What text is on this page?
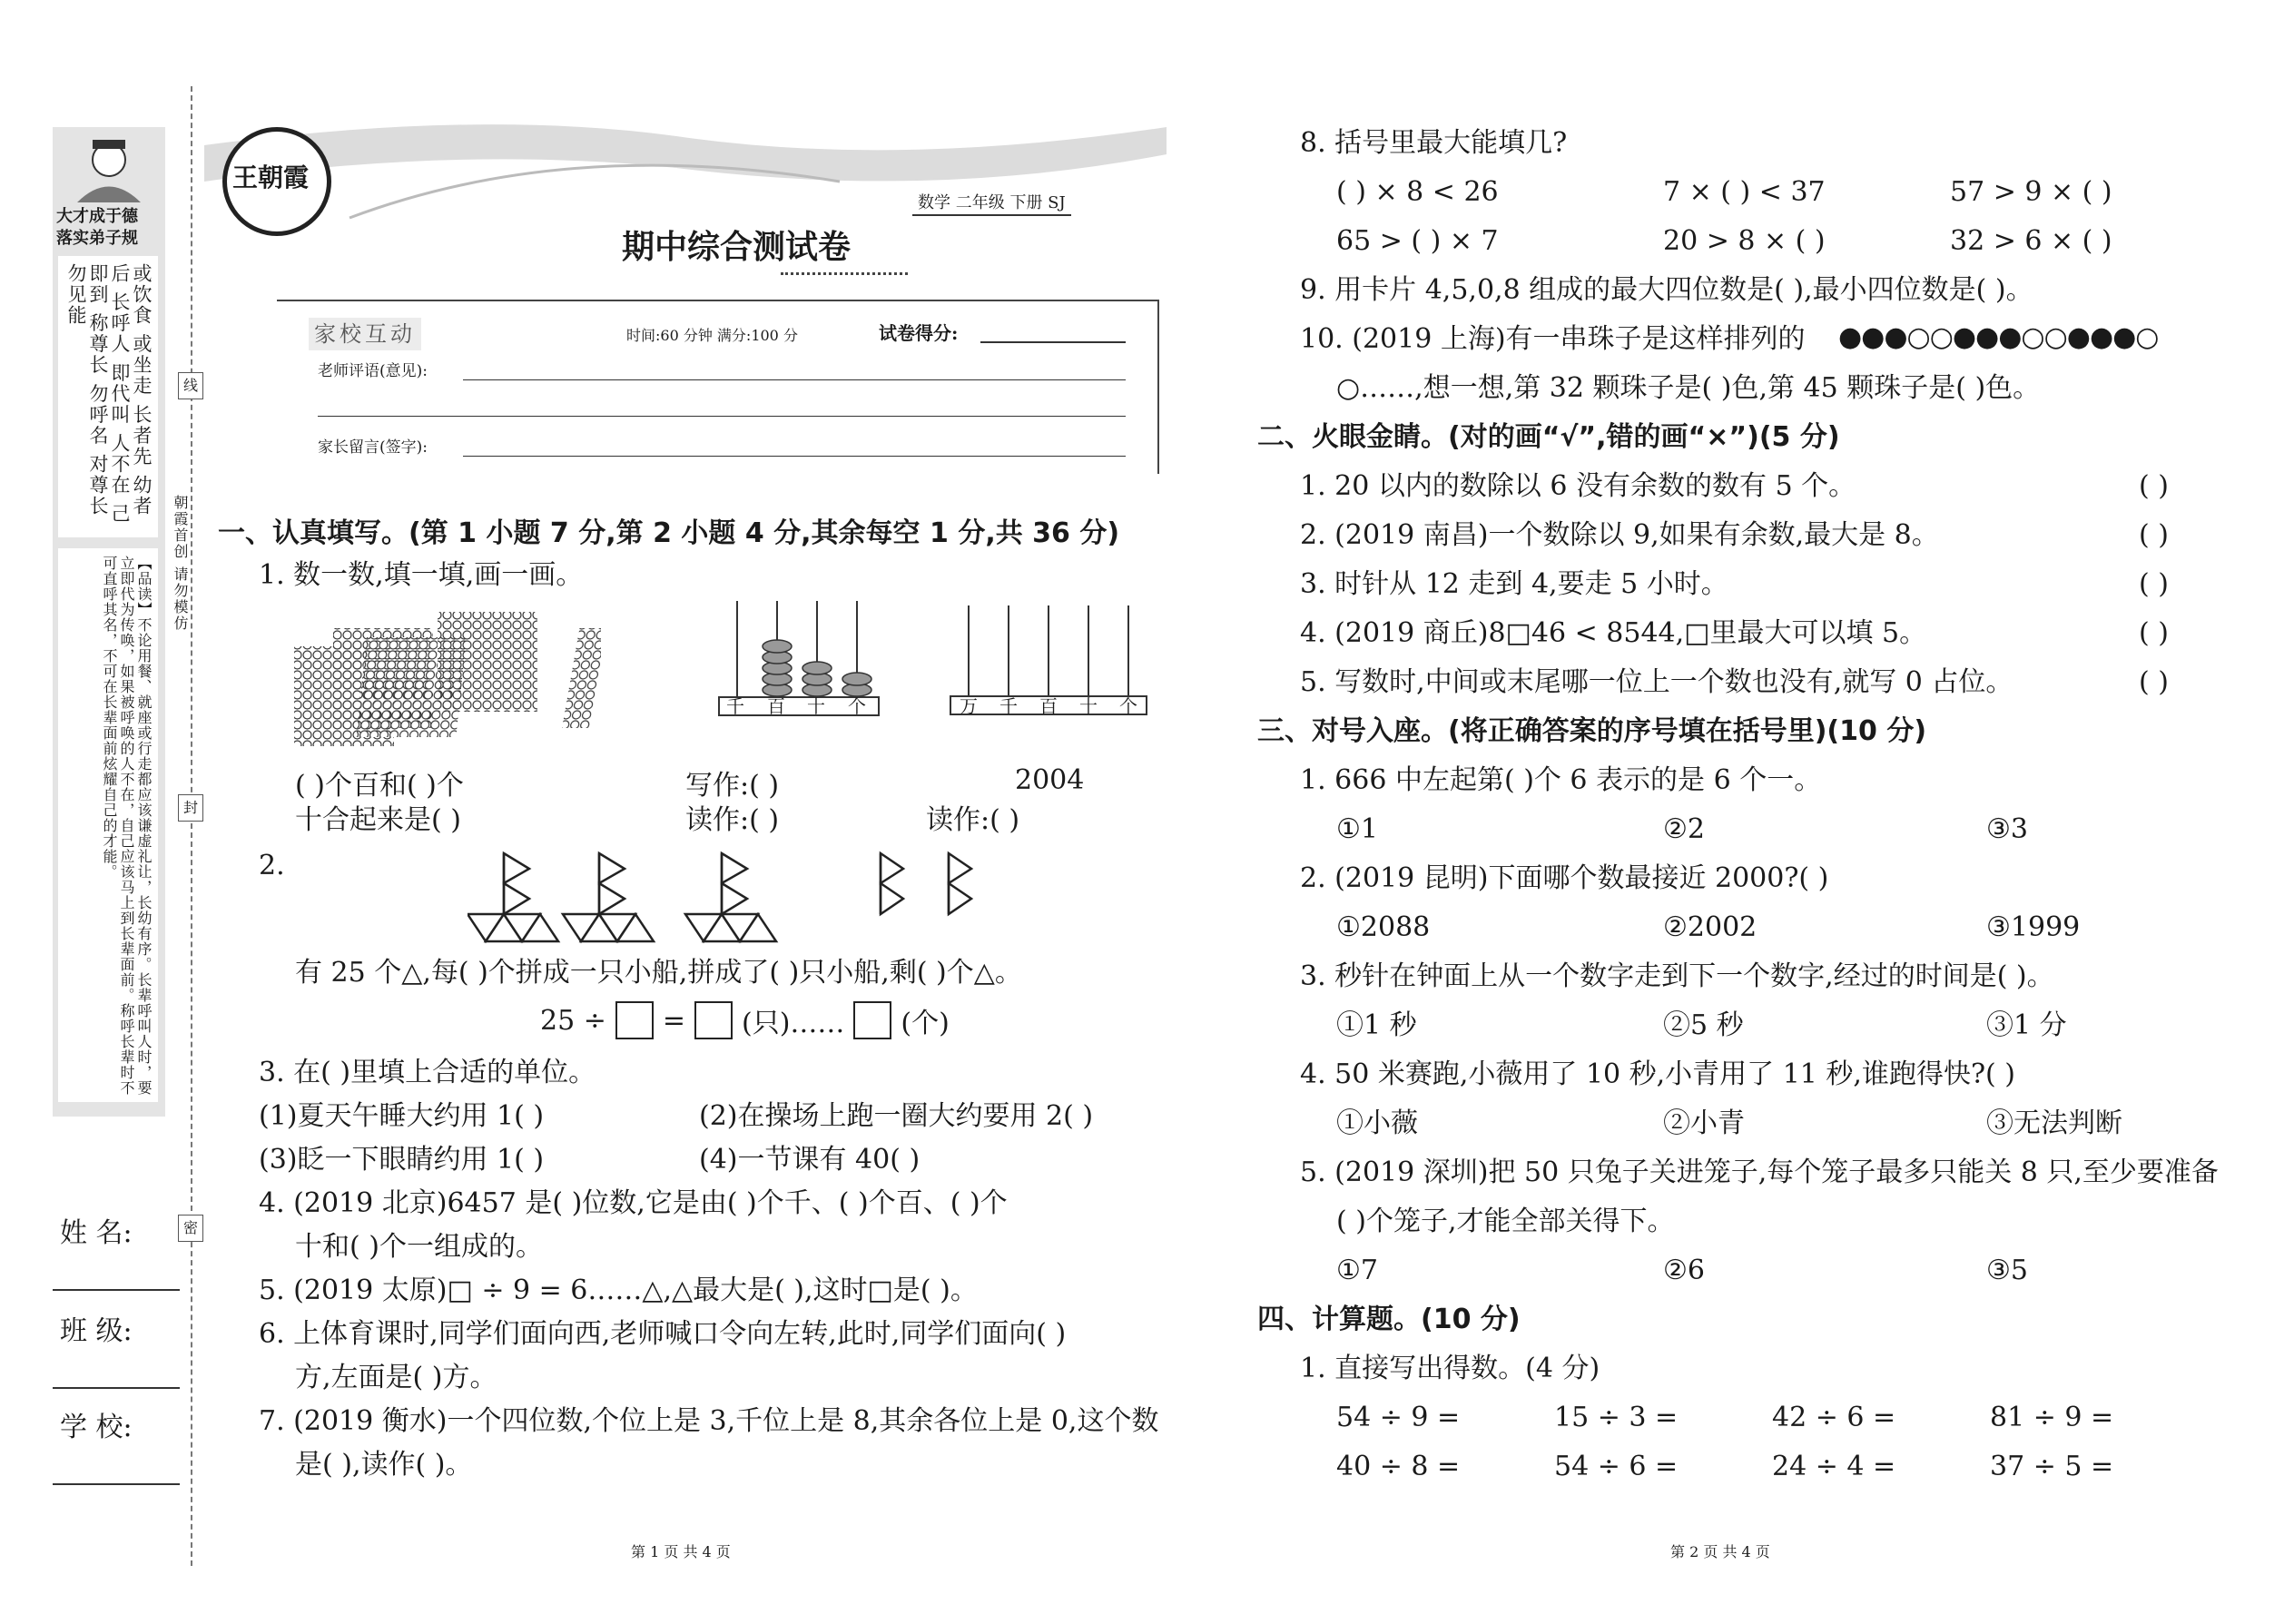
大才成于德
落实弟子规
或饮食 或坐走 长者先 幼者后 长呼人 即代叫 人不在 己即到 称尊长 勿呼名 对尊长 勿见能
【品读】不论用餐、就座或行走都应该谦虚礼让，长幼有序。长辈呼叫人时，要立即代为传唤，如果被呼唤的人不在，自己应该马上到长辈面前。称呼长辈时不可直呼其名，不可在长辈面前炫耀自己的才能。
线
封
密
朝霞首创 请勿模仿
姓 名:
班 级:
学 校:
王朝霞
数学 二年级 下册 SJ
期中综合测试卷
家校互动	时间:60 分钟 满分:100 分	试卷得分:
老师评语(意见):
家长留言(签字):
一、认真填写。(第 1 小题 7 分,第 2 小题 4 分,其余每空 1 分,共 36 分)
1. 数一数,填一填,画一画。
千 百 十 个	万 千 百 十 个
( )个百和( )个
十合起来是( )
写作:( )
读作:( )
2004
读作:( )
2.
有 25 个△,每( )个拼成一只小船,拼成了( )只小船,剩( )个△。
25 ÷ = (只)…… (个)
3. 在( )里填上合适的单位。
(1)夏天午睡大约用 1( )	(2)在操场上跑一圈大约要用 2( )
(3)眨一下眼睛约用 1( )	(4)一节课有 40( )
4. (2019 北京)6457 是( )位数,它是由( )个千、( )个百、( )个
十和( )个一组成的。
5. (2019 太原)□ ÷ 9 = 6……△,△最大是( ),这时□是( )。
6. 上体育课时,同学们面向西,老师喊口令向左转,此时,同学们面向( )
方,左面是( )方。
7. (2019 衡水)一个四位数,个位上是 3,千位上是 8,其余各位上是 0,这个数
是( ),读作( )。
第 1 页 共 4 页
8. 括号里最大能填几?
( ) × 8 < 26	7 × ( ) < 37	57 > 9 × ( )
65 > ( ) × 7	20 > 8 × ( )	32 > 6 × ( )
9. 用卡片 4,5,0,8 组成的最大四位数是( ),最小四位数是( )。
10. (2019 上海)有一串珠子是这样排列的 ●●●○○●●●○○●●●○
○……,想一想,第 32 颗珠子是( )色,第 45 颗珠子是( )色。
二、火眼金睛。(对的画“√”,错的画“×”)(5 分)
1. 20 以内的数除以 6 没有余数的数有 5 个。	( )
2. (2019 南昌)一个数除以 9,如果有余数,最大是 8。	( )
3. 时针从 12 走到 4,要走 5 小时。	( )
4. (2019 商丘)8□46 < 8544,□里最大可以填 5。	( )
5. 写数时,中间或末尾哪一位上一个数也没有,就写 0 占位。	( )
三、对号入座。(将正确答案的序号填在括号里)(10 分)
1. 666 中左起第( )个 6 表示的是 6 个一。
①1	②2	③3
2. (2019 昆明)下面哪个数最接近 2000?( )
①2088	②2002	③1999
3. 秒针在钟面上从一个数字走到下一个数字,经过的时间是( )。
①1 秒	②5 秒	③1 分
4. 50 米赛跑,小薇用了 10 秒,小青用了 11 秒,谁跑得快?( )
①小薇	②小青	③无法判断
5. (2019 深圳)把 50 只兔子关进笼子,每个笼子最多只能关 8 只,至少要准备
( )个笼子,才能全部关得下。
①7	②6	③5
四、计算题。(10 分)
1. 直接写出得数。(4 分)
54 ÷ 9 =	15 ÷ 3 =	42 ÷ 6 =	81 ÷ 9 =
40 ÷ 8 =	54 ÷ 6 =	24 ÷ 4 =	37 ÷ 5 =
第 2 页 共 4 页
